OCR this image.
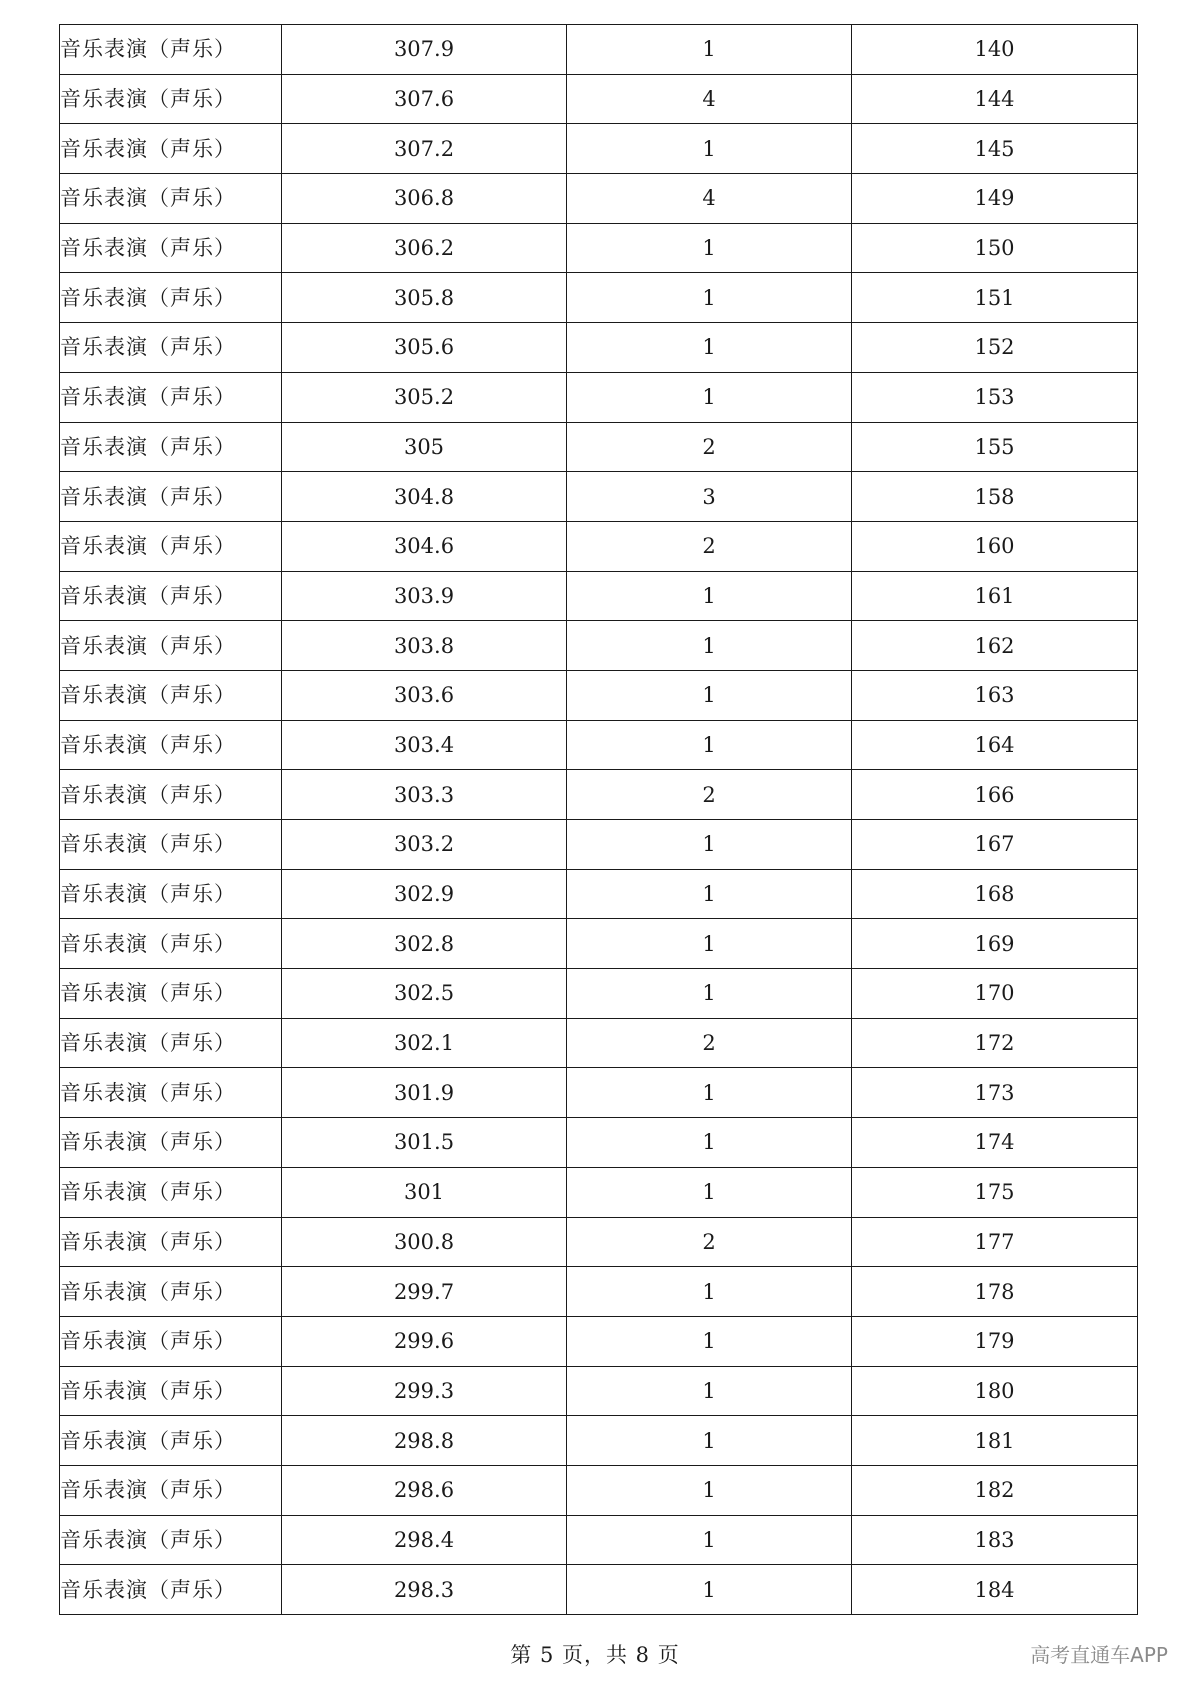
音乐表演（声乐）	307.9	1	140
音乐表演（声乐）	307.6	4	144
音乐表演（声乐）	307.2	1	145
音乐表演（声乐）	306.8	4	149
音乐表演（声乐）	306.2	1	150
音乐表演（声乐）	305.8	1	151
音乐表演（声乐）	305.6	1	152
音乐表演（声乐）	305.2	1	153
音乐表演（声乐）	305	2	155
音乐表演（声乐）	304.8	3	158
音乐表演（声乐）	304.6	2	160
音乐表演（声乐）	303.9	1	161
音乐表演（声乐）	303.8	1	162
音乐表演（声乐）	303.6	1	163
音乐表演（声乐）	303.4	1	164
音乐表演（声乐）	303.3	2	166
音乐表演（声乐）	303.2	1	167
音乐表演（声乐）	302.9	1	168
音乐表演（声乐）	302.8	1	169
音乐表演（声乐）	302.5	1	170
音乐表演（声乐）	302.1	2	172
音乐表演（声乐）	301.9	1	173
音乐表演（声乐）	301.5	1	174
音乐表演（声乐）	301	1	175
音乐表演（声乐）	300.8	2	177
音乐表演（声乐）	299.7	1	178
音乐表演（声乐）	299.6	1	179
音乐表演（声乐）	299.3	1	180
音乐表演（声乐）	298.8	1	181
音乐表演（声乐）	298.6	1	182
音乐表演（声乐）	298.4	1	183
音乐表演（声乐）	298.3	1	184
第 5 页，共 8 页	高考直通车APP
